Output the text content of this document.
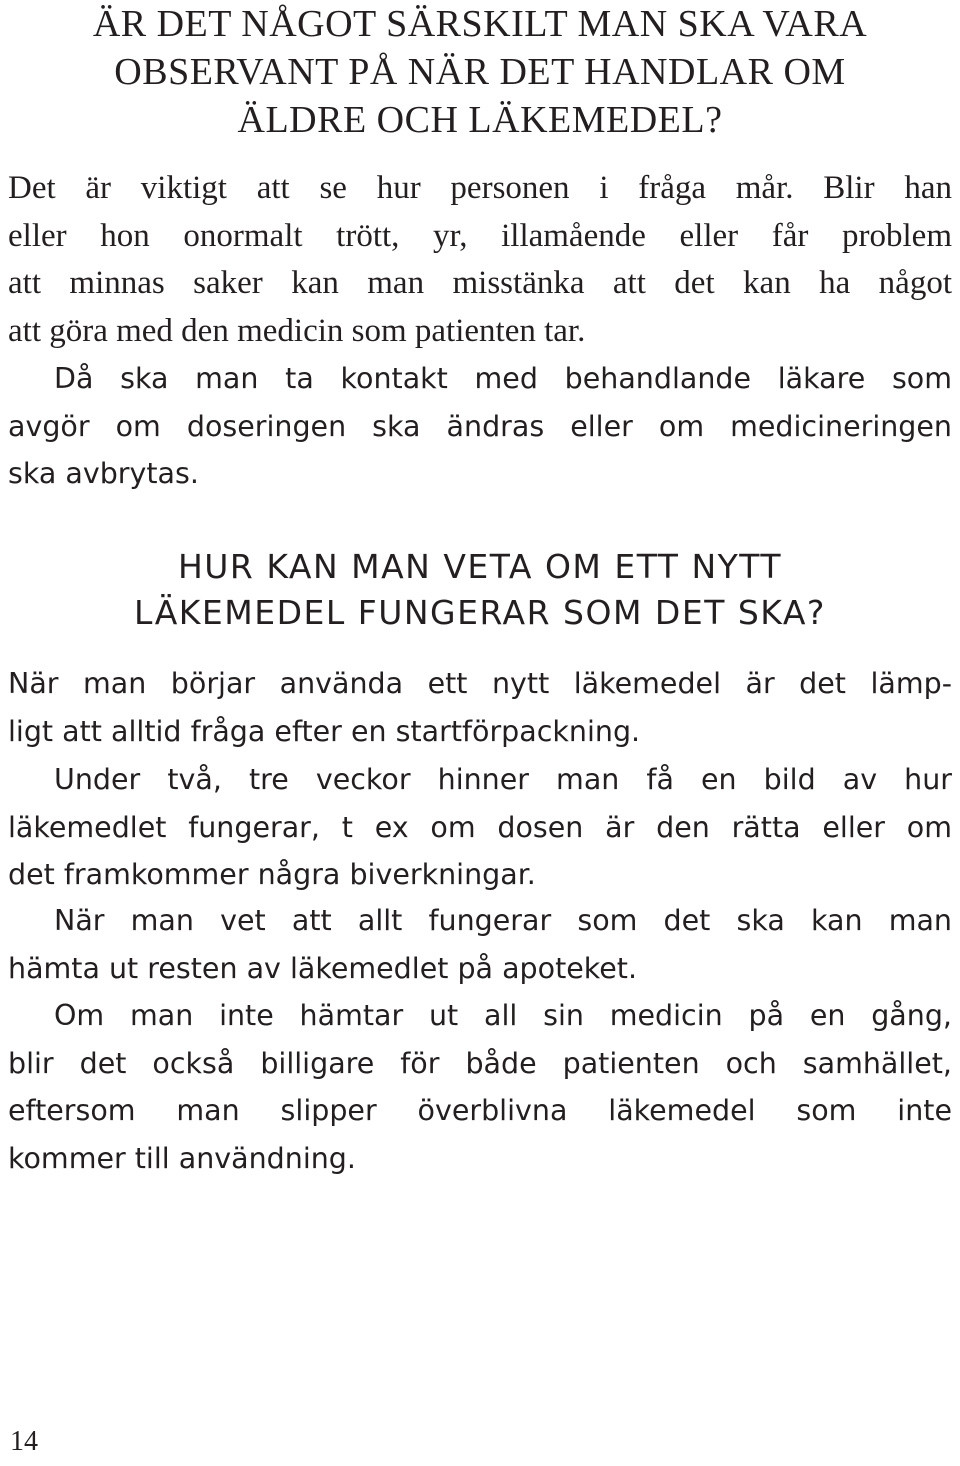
ÄR DET NÅGOT SÄRSKILT MAN SKA VARA
OBSERVANT PÅ NÄR DET HANDLAR OM
ÄLDRE OCH LÄKEMEDEL?

Det är viktigt att se hur personen i fråga mår. Blir han
eller hon onormalt trött, yr, illamående eller får problem
att minnas saker kan man misstänka att det kan ha något
att göra med den medicin som patienten tar.

Då ska man ta kontakt med behandlande läkare som
avgör om doseringen ska ändras eller om medicineringen
ska avbrytas.

HUR KAN MAN VETA OM ETT NYTT
LÄKEMEDEL FUNGERAR SOM DET SKA?

När man börjar använda ett nytt läkemedel är det lämp-
ligt att alltid fråga efter en startförpackning.

Under två, tre veckor hinner man få en bild av hur
läkemedlet fungerar, t ex om dosen är den rätta eller om
det framkommer några biverkningar.

När man vet att allt fungerar som det ska kan man
hämta ut resten av läkemedlet på apoteket.

Om man inte hämtar ut all sin medicin på en gång,
blir det också billigare för både patienten och samhället,
eftersom man slipper överblivna läkemedel som inte
kommer till användning.

14
